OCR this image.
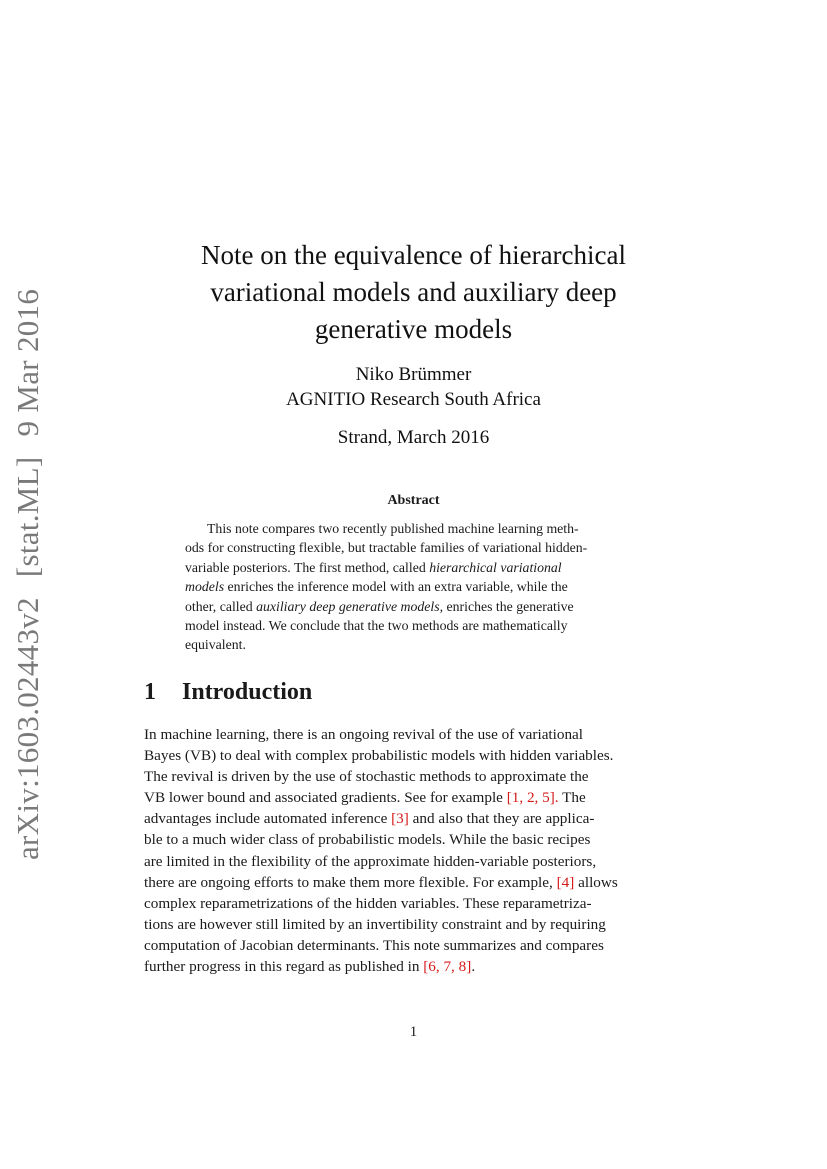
arXiv:1603.02443v2[stat.ML]9 Mar 2016
Note on the equivalence of hierarchical
variational models and auxiliary deep
generative models
Niko Brümmer
AGNITIO Research South Africa
Strand, March 2016
Abstract
This note compares two recently published machine learning meth-
ods for constructing flexible, but tractable families of variational hidden-
variable posteriors. The first method, called hierarchical variational
models enriches the inference model with an extra variable, while the
other, called auxiliary deep generative models, enriches the generative
model instead. We conclude that the two methods are mathematically
equivalent.
1 Introduction
In machine learning, there is an ongoing revival of the use of variational
Bayes (VB) to deal with complex probabilistic models with hidden variables.
The revival is driven by the use of stochastic methods to approximate the
VB lower bound and associated gradients. See for example [1, 2, 5]. The
advantages include automated inference [3] and also that they are applica-
ble to a much wider class of probabilistic models. While the basic recipes
are limited in the flexibility of the approximate hidden-variable posteriors,
there are ongoing efforts to make them more flexible. For example, [4] allows
complex reparametrizations of the hidden variables. These reparametriza-
tions are however still limited by an invertibility constraint and by requiring
computation of Jacobian determinants. This note summarizes and compares
further progress in this regard as published in [6, 7, 8].
1
